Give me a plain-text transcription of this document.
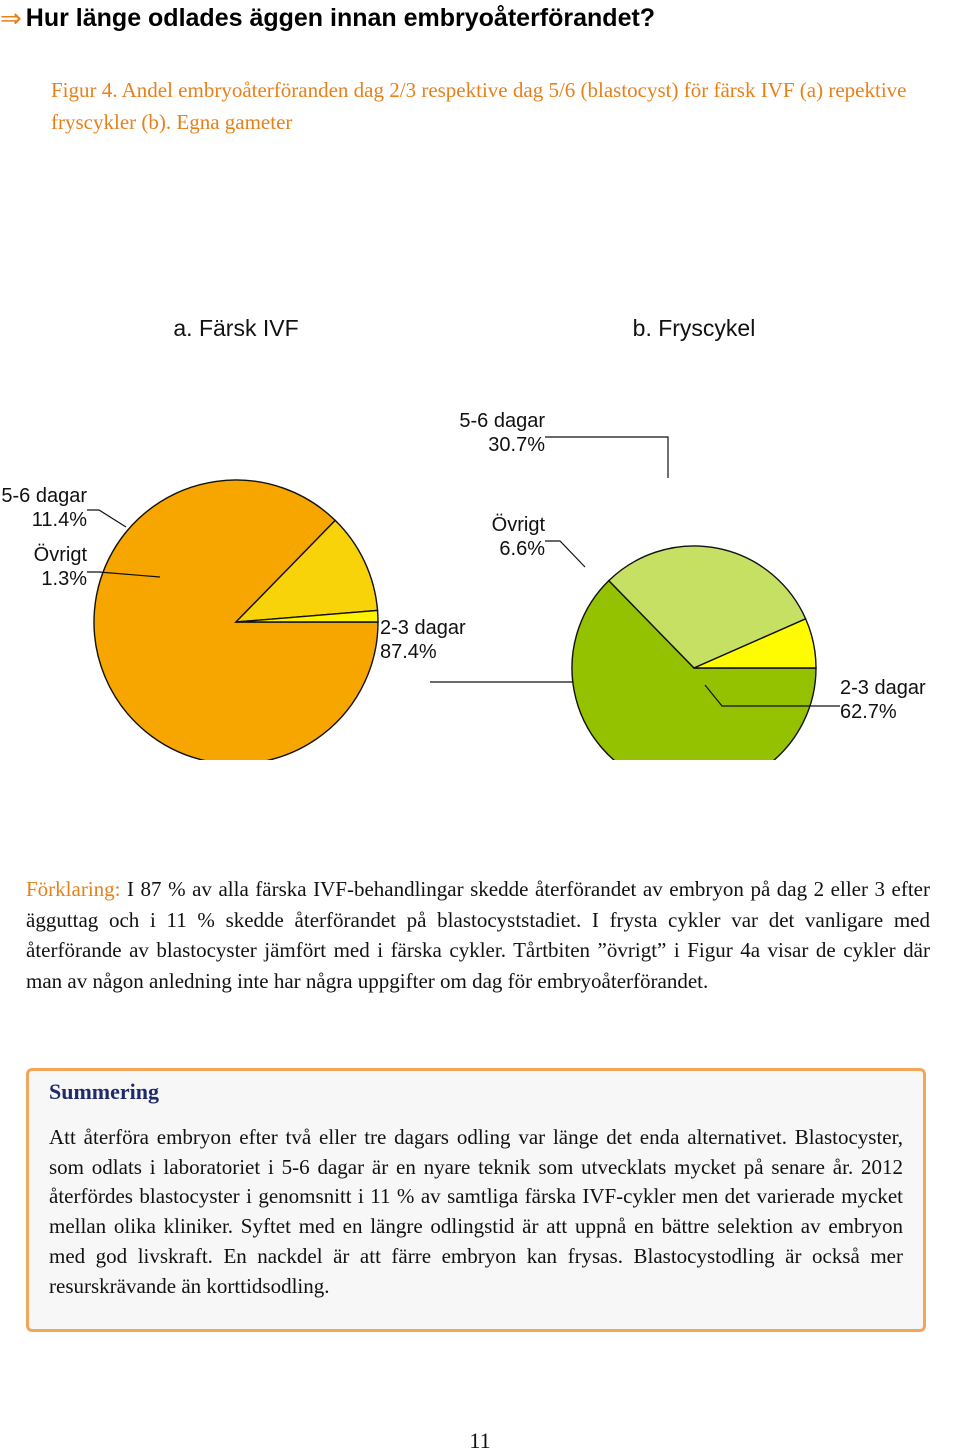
⇒ Hur länge odlades äggen innan embryoåterförandet?
Figur 4. Andel embryoåterföranden dag 2/3 respektive dag 5/6 (blastocyst) för färsk IVF (a) repektive fryscykler (b). Egna gameter
a. Färsk IVF
2-3 dagar
87.4%
5-6 dagar
11.4%
Övrigt
1.3%
b. Fryscykel
2-3 dagar
62.7%
5-6 dagar
30.7%
Övrigt
6.6%
Förklaring: I 87 % av alla färska IVF-behandlingar skedde återförandet av embryon på dag 2 eller 3 efter ägguttag och i 11 % skedde återförandet på blastocyststadiet. I frysta cykler var det vanligare med återförande av blastocyster jämfört med i färska cykler. Tårtbiten ”övrigt” i Figur 4a visar de cykler där man av någon anledning inte har några uppgifter om dag för embryoåterförandet.
Summering
Att återföra embryon efter två eller tre dagars odling var länge det enda alternativet. Blastocyster, som odlats i laboratoriet i 5-6 dagar är en nyare teknik som utvecklats mycket på senare år. 2012 återfördes blastocyster i genomsnitt i 11 % av samtliga färska IVF-cykler men det varierade mycket mellan olika kliniker. Syftet med en längre odlingstid är att uppnå en bättre selektion av embryon med god livskraft. En nackdel är att färre embryon kan frysas. Blastocystodling är också mer resurskrävande än korttidsodling.
11
